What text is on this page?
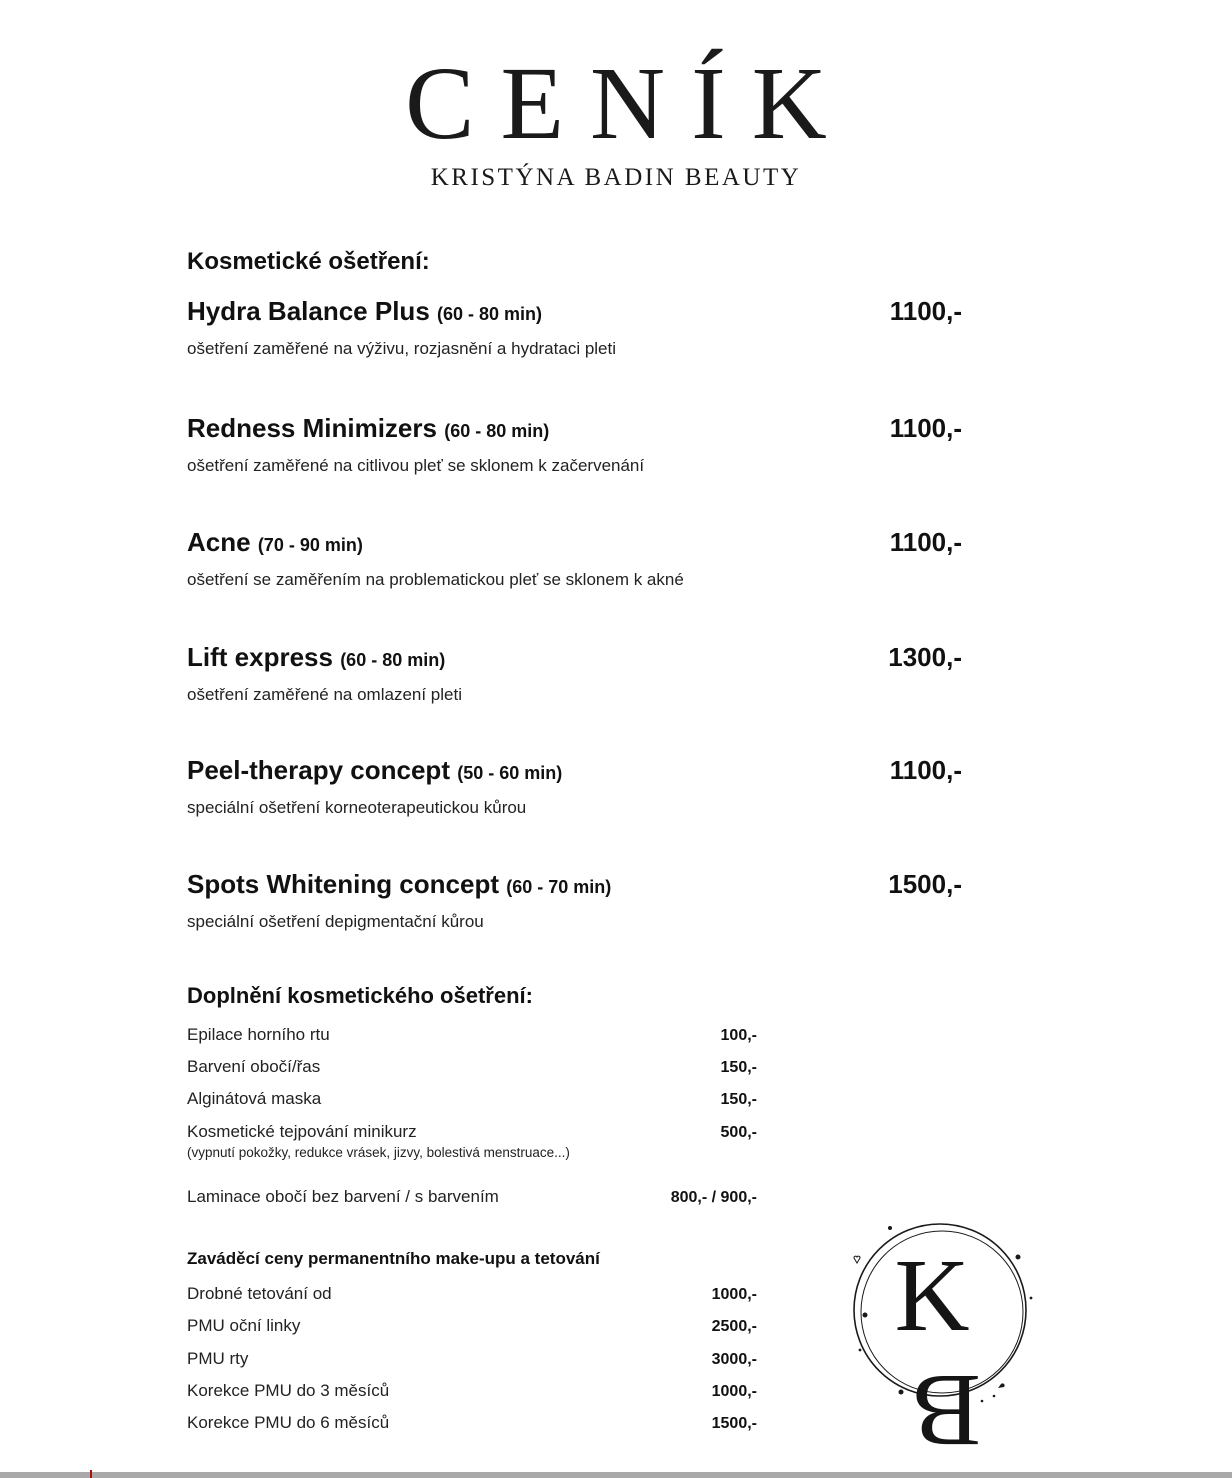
CENÍK
KRISTÝNA BADIN BEAUTY
Kosmetické ošetření:
Hydra Balance Plus (60 - 80 min)	1100,-
ošetření zaměřené na výživu, rozjasnění a hydrataci pleti
Redness Minimizers (60 - 80 min)	1100,-
ošetření zaměřené na citlivou pleť se sklonem k začervenání
Acne (70 - 90 min)	1100,-
ošetření se zaměřením na problematickou pleť se sklonem k akné
Lift express (60 - 80 min)	1300,-
ošetření zaměřené na omlazení pleti
Peel-therapy concept (50 - 60 min)	1100,-
speciální ošetření korneoterapeutickou kůrou
Spots Whitening concept (60 - 70 min)	1500,-
speciální ošetření depigmentační kůrou
Doplnění kosmetického ošetření:
Epilace horního rtu	100,-
Barvení obočí/řas	150,-
Alginátová maska	150,-
Kosmetické tejpování minikurz	500,-
(vypnutí pokožky, redukce vrásek, jizvy, bolestivá menstruace...)
Laminace obočí bez barvení / s barvením	800,- / 900,-
Zaváděcí ceny permanentního make-upu a tetování
Drobné tetování od	1000,-
PMU oční linky	2500,-
PMU rty	3000,-
Korekce PMU do 3 měsíců	1000,-
Korekce PMU do 6 měsíců	1500,-
K
B
